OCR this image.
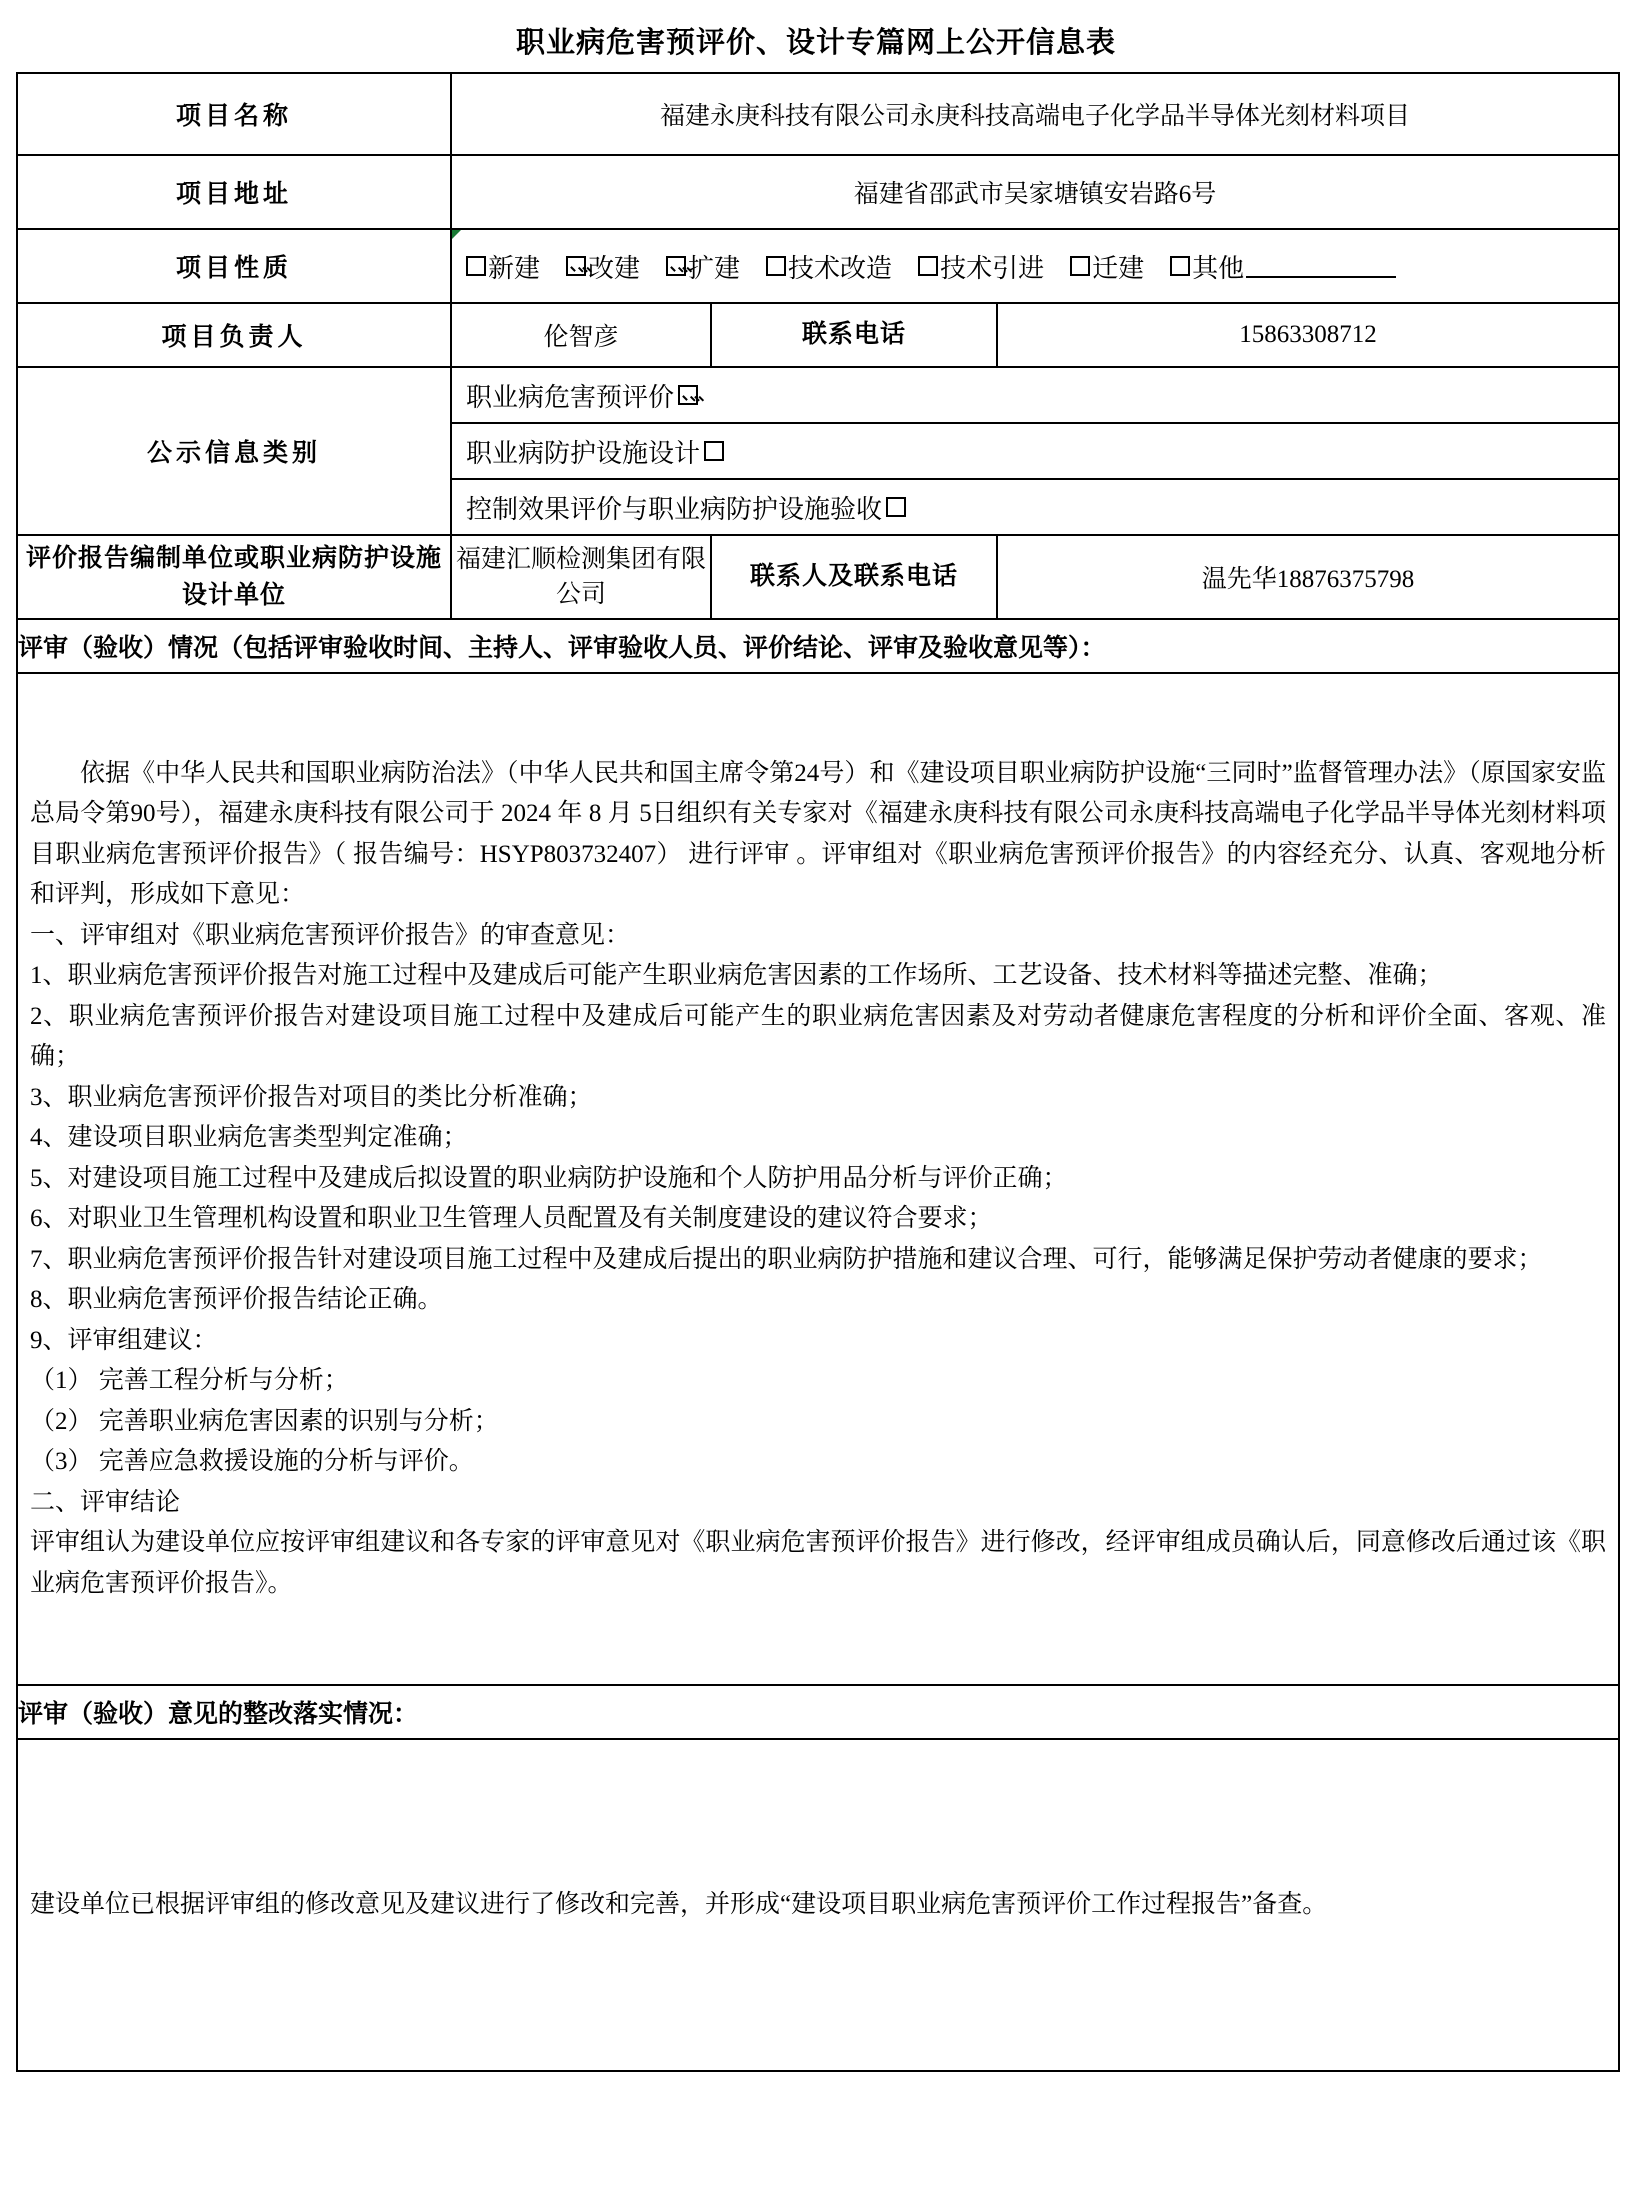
职业病危害预评价、设计专篇网上公开信息表
项目名称	福建永庚科技有限公司永庚科技高端电子化学品半导体光刻材料项目		
项目地址	福建省邵武市吴家塘镇安岩路6号		
项目性质	新建 改建 扩建 技术改造 技术引进 迁建 其他

项目负责人	伦智彦	联系电话	15863308712
公示信息类别	职业病危害预评价		

	职业病防护设施设计		

	控制效果评价与职业病防护设施验收		

评价报告编制单位或职业病防护设施设计单位	福建汇顺检测集团有限公司	联系人及联系电话	温先华18876375798
评审（验收）情况（包括评审验收时间、主持人、评审验收人员、评价结论、评审及验收意见等）：			

依据《中华人民共和国职业病防治法》（中华人民共和国主席令第24号）和《建设项目职业病防护设施“三同时”监督管理办法》（原国家安监总局令第90号），福建永庚科技有限公司于 2024 年 8 月 5日组织有关专家对《福建永庚科技有限公司永庚科技高端电子化学品半导体光刻材料项目职业病危害预评价报告》（ 报告编号：HSYP803732407） 进行评审 。评审组对《职业病危害预评价报告》的内容经充分、认真、客观地分析和评判，形成如下意见：

一、评审组对《职业病危害预评价报告》的审查意见：

1、职业病危害预评价报告对施工过程中及建成后可能产生职业病危害因素的工作场所、工艺设备、技术材料等描述完整、准确；

2、职业病危害预评价报告对建设项目施工过程中及建成后可能产生的职业病危害因素及对劳动者健康危害程度的分析和评价全面、客观、准确；

3、职业病危害预评价报告对项目的类比分析准确；

4、建设项目职业病危害类型判定准确；

5、对建设项目施工过程中及建成后拟设置的职业病防护设施和个人防护用品分析与评价正确；

6、对职业卫生管理机构设置和职业卫生管理人员配置及有关制度建设的建议符合要求；

7、职业病危害预评价报告针对建设项目施工过程中及建成后提出的职业病防护措施和建议合理、可行，能够满足保护劳动者健康的要求；

8、职业病危害预评价报告结论正确。

9、评审组建议：

（1） 完善工程分析与分析；

（2） 完善职业病危害因素的识别与分析；

（3） 完善应急救援设施的分析与评价。

二、评审结论

评审组认为建设单位应按评审组建议和各专家的评审意见对《职业病危害预评价报告》进行修改，经评审组成员确认后，同意修改后通过该《职业病危害预评价报告》。

评审（验收）意见的整改落实情况：			

建设单位已根据评审组的修改意见及建议进行了修改和完善，并形成“建设项目职业病危害预评价工作过程报告”备查。			
